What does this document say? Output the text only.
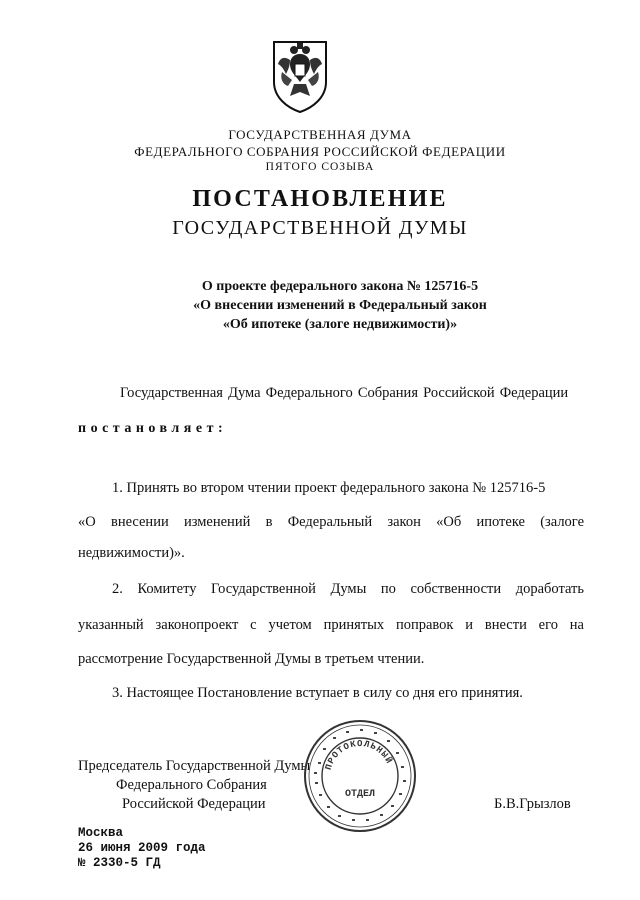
ГОСУДАРСТВЕННАЯ ДУМА
ФЕДЕРАЛЬНОГО СОБРАНИЯ РОССИЙСКОЙ ФЕДЕРАЦИИ
ПЯТОГО СОЗЫВА
ПОСТАНОВЛЕНИЕ
ГОСУДАРСТВЕННОЙ ДУМЫ
О проекте федерального закона № 125716-5
«О внесении изменений в Федеральный закон
«Об ипотеке (залоге недвижимости)»
Государственная Дума Федерального Собрания Российской Федерации
постановляет:
1. Принять во втором чтении проект федерального закона № 125716-5
«О внесении изменений в Федеральный закон «Об ипотеке (залоге
недвижимости)».
2. Комитету Государственной Думы по собственности доработать
указанный законопроект с учетом принятых поправок и внести его на
рассмотрение Государственной Думы в третьем чтении.
3. Настоящее Постановление вступает в силу со дня его принятия.
Председатель Государственной Думы
Федерального Собрания
Российской Федерации	Б.В.Грызлов
ПРОТОКОЛЬНЫЙ
ОТДЕЛ
Москва
26 июня 2009 года
№ 2330-5 ГД
